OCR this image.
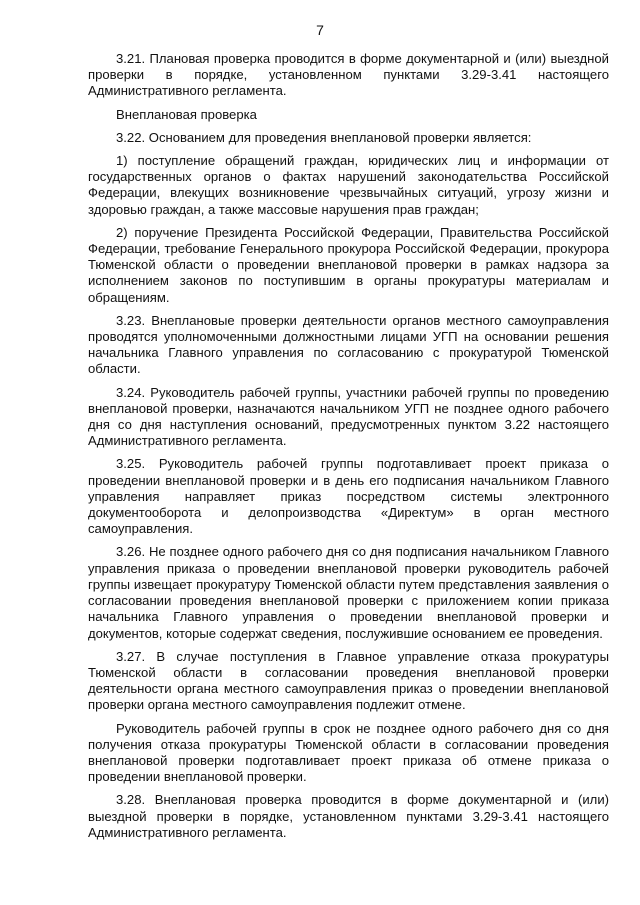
7

3.21. Плановая проверка проводится в форме документарной и (или) выездной проверки в порядке, установленном пунктами 3.29-3.41 настоящего Административного регламента.

Внеплановая проверка

3.22. Основанием для проведения внеплановой проверки является:

1) поступление обращений граждан, юридических лиц и информации от государственных органов о фактах нарушений законодательства Российской Федерации, влекущих возникновение чрезвычайных ситуаций, угрозу жизни и здоровью граждан, а также массовые нарушения прав граждан;

2) поручение Президента Российской Федерации, Правительства Российской Федерации, требование Генерального прокурора Российской Федерации, прокурора Тюменской области о проведении внеплановой проверки в рамках надзора за исполнением законов по поступившим в органы прокуратуры материалам и обращениям.

3.23. Внеплановые проверки деятельности органов местного самоуправления проводятся уполномоченными должностными лицами УГП на основании решения начальника Главного управления по согласованию с прокуратурой Тюменской области.

3.24. Руководитель рабочей группы, участники рабочей группы по проведению внеплановой проверки, назначаются начальником УГП не позднее одного рабочего дня со дня наступления оснований, предусмотренных пунктом 3.22 настоящего Административного регламента.

3.25. Руководитель рабочей группы подготавливает проект приказа о проведении внеплановой проверки и в день его подписания начальником Главного управления направляет приказ посредством системы электронного документооборота и делопроизводства «Директум» в орган местного самоуправления.

3.26. Не позднее одного рабочего дня со дня подписания начальником Главного управления приказа о проведении внеплановой проверки руководитель рабочей группы извещает прокуратуру Тюменской области путем представления заявления о согласовании проведения внеплановой проверки с приложением копии приказа начальника Главного управления о проведении внеплановой проверки и документов, которые содержат сведения, послужившие основанием ее проведения.

3.27. В случае поступления в Главное управление отказа прокуратуры Тюменской области в согласовании проведения внеплановой проверки деятельности органа местного самоуправления приказ о проведении внеплановой проверки органа местного самоуправления подлежит отмене.

Руководитель рабочей группы в срок не позднее одного рабочего дня со дня получения отказа прокуратуры Тюменской области в согласовании проведения внеплановой проверки подготавливает проект приказа об отмене приказа о проведении внеплановой проверки.

3.28. Внеплановая проверка проводится в форме документарной и (или) выездной проверки в порядке, установленном пунктами 3.29-3.41 настоящего Административного регламента.
